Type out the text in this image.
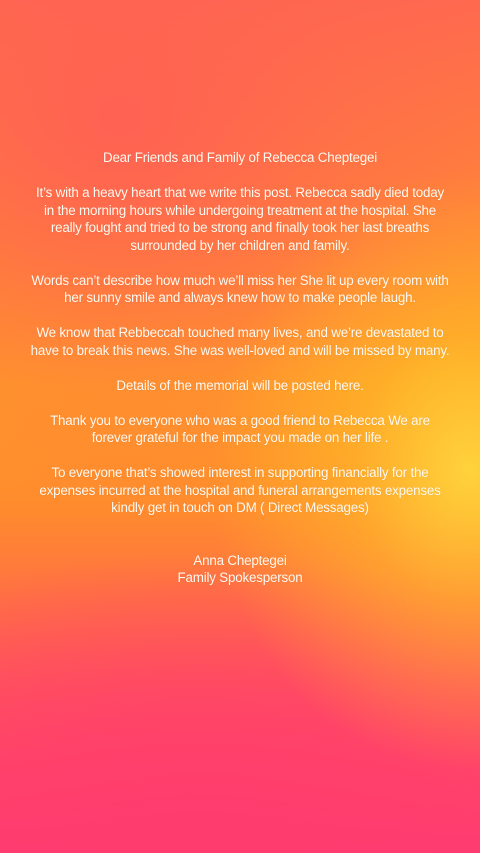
Dear Friends and Family of Rebecca Cheptegei

It’s with a heavy heart that we write this post. Rebecca sadly died today
in the morning hours while undergoing treatment at the hospital. She
really fought and tried to be strong and finally took her last breaths
surrounded by her children and family.

Words can’t describe how much we’ll miss her She lit up every room with
her sunny smile and always knew how to make people laugh.

We know that Rebbeccah touched many lives, and we’re devastated to
have to break this news. She was well-loved and will be missed by many.

Details of the memorial will be posted here.

Thank you to everyone who was a good friend to Rebecca We are
forever grateful for the impact you made on her life .

To everyone that’s showed interest in supporting financially for the
expenses incurred at the hospital and funeral arrangements expenses
kindly get in touch on DM ( Direct Messages)

Anna Cheptegei

Family Spokesperson
